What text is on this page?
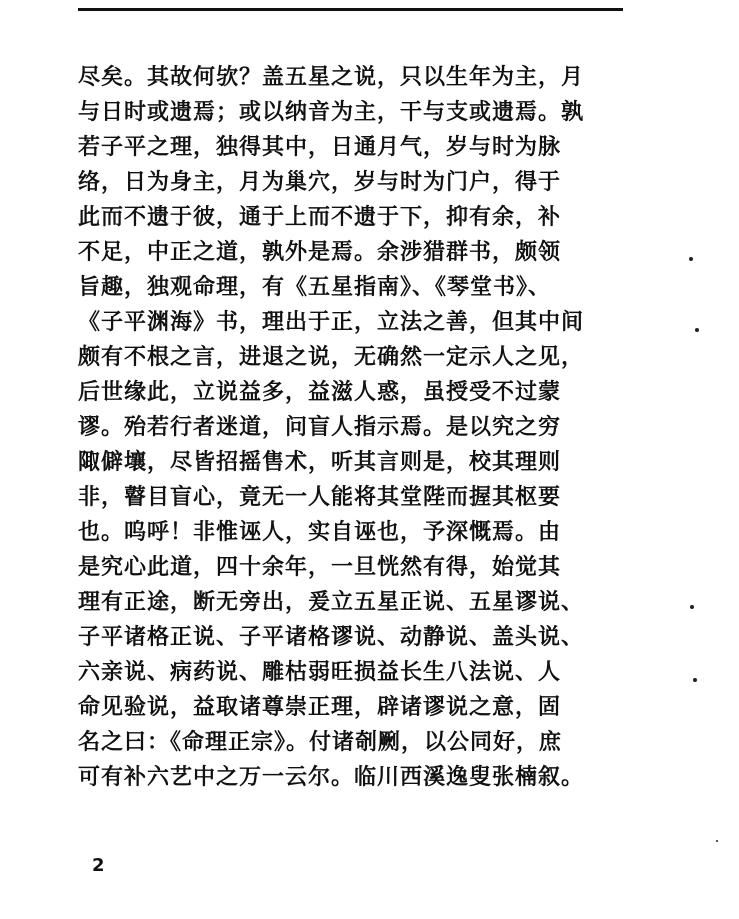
尽矣。其故何欤？盖五星之说，只以生年为主，月
与日时或遗焉；或以纳音为主，干与支或遗焉。孰
若子平之理，独得其中，日通月气，岁与时为脉
络，日为身主，月为巢穴，岁与时为门户，得于
此而不遗于彼，通于上而不遗于下，抑有余，补
不足，中正之道，孰外是焉。余涉猎群书，颇领
旨趣，独观命理，有《五星指南》、《琴堂书》、
《子平渊海》书，理出于正，立法之善，但其中间
颇有不根之言，进退之说，无确然一定示人之见，
后世缘此，立说益多，益滋人惑，虽授受不过蒙
谬。殆若行者迷道，问盲人指示焉。是以究之穷
陬僻壤，尽皆招摇售术，听其言则是，校其理则
非，瞽目盲心，竟无一人能将其堂陛而握其枢要
也。呜呼！非惟诬人，实自诬也，予深慨焉。由
是究心此道，四十余年，一旦恍然有得，始觉其
理有正途，断无旁出，爰立五星正说、五星谬说、
子平诸格正说、子平诸格谬说、动静说、盖头说、
六亲说、病药说、雕枯弱旺损益长生八法说、人
命见验说，益取诸尊崇正理，辟诸谬说之意，固
名之曰：《命理正宗》。付诸剞劂，以公同好，庶
可有补六艺中之万一云尔。临川西溪逸叟张楠叙。
2
